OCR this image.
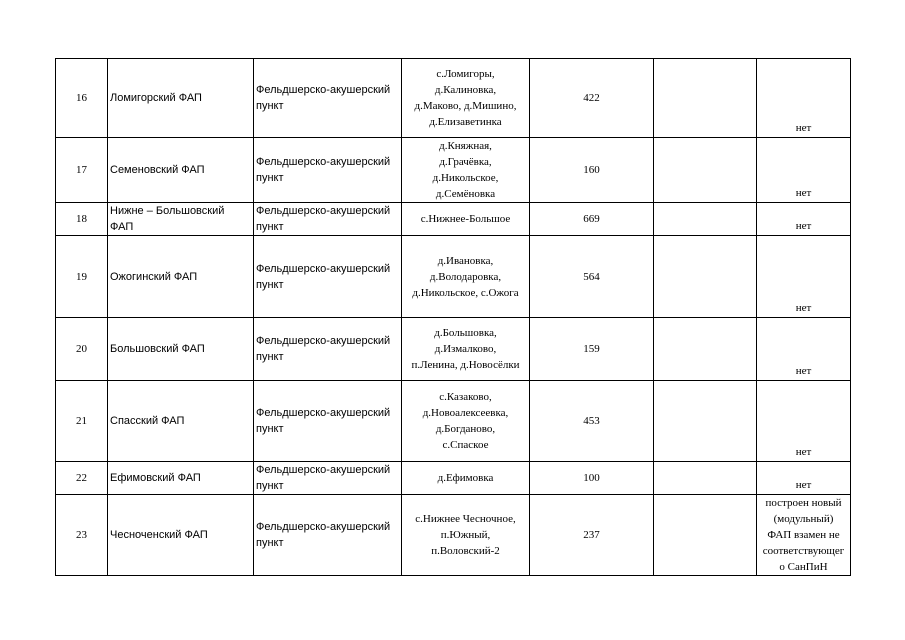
16	Ломигорский ФАП	Фельдшерско-акушерский
пункт	с.Ломигоры,
д.Калиновка,
д.Маково, д.Мишино,
д.Елизаветинка	422		нет

17	Семеновский ФАП	Фельдшерско-акушерский
пункт	д.Княжная,
д.Грачёвка,
д.Никольское,
д.Семёновка	160		нет

18	Нижне – Большовский
ФАП	Фельдшерско-акушерский
пункт	с.Нижнее-Большое	669		нет

19	Ожогинский ФАП	Фельдшерско-акушерский
пункт	д.Ивановка,
д.Володаровка,
д.Никольское, с.Ожога	564		нет

20	Большовский ФАП	Фельдшерско-акушерский
пункт	д.Большовка,
д.Измалково,
п.Ленина, д.Новосёлки	159		нет

21	Спасский ФАП	Фельдшерско-акушерский
пункт	с.Казаково,
д.Новоалексеевка,
д.Богданово,
с.Спаское	453		нет

22	Ефимовский ФАП	Фельдшерско-акушерский
пункт	д.Ефимовка	100		нет

23	Чесноченский ФАП	Фельдшерско-акушерский
пункт	с.Нижнее Чесночное,
п.Южный,
п.Воловский-2	237		построен новый
(модульный)
ФАП взамен не
соответствующег
о СанПиН
